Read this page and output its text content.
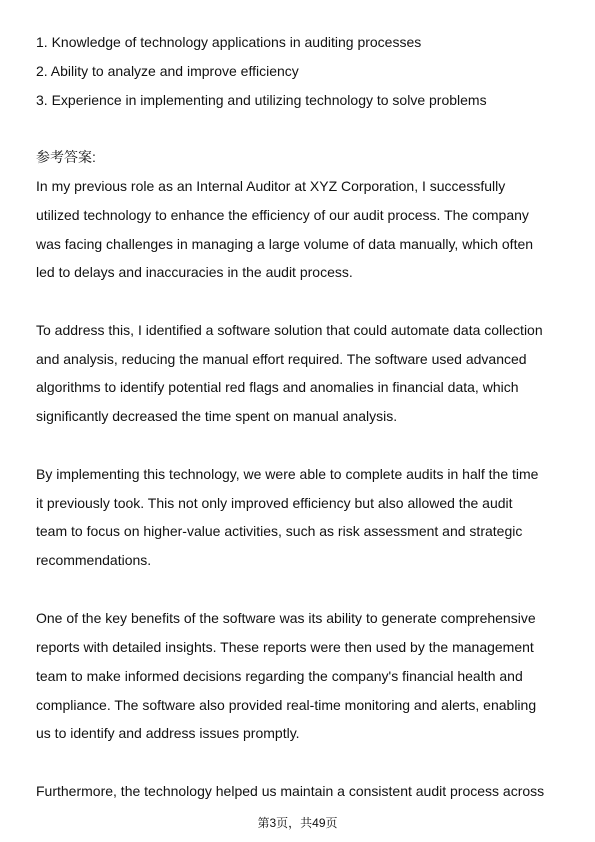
1. Knowledge of technology applications in auditing processes
2. Ability to analyze and improve efficiency
3. Experience in implementing and utilizing technology to solve problems
参考答案:
In my previous role as an Internal Auditor at XYZ Corporation, I successfully
utilized technology to enhance the efficiency of our audit process. The company
was facing challenges in managing a large volume of data manually, which often
led to delays and inaccuracies in the audit process.
To address this, I identified a software solution that could automate data collection
and analysis, reducing the manual effort required. The software used advanced
algorithms to identify potential red flags and anomalies in financial data, which
significantly decreased the time spent on manual analysis.
By implementing this technology, we were able to complete audits in half the time
it previously took. This not only improved efficiency but also allowed the audit
team to focus on higher-value activities, such as risk assessment and strategic
recommendations.
One of the key benefits of the software was its ability to generate comprehensive
reports with detailed insights. These reports were then used by the management
team to make informed decisions regarding the company's financial health and
compliance. The software also provided real-time monitoring and alerts, enabling
us to identify and address issues promptly.
Furthermore, the technology helped us maintain a consistent audit process across
第3页，共49页
